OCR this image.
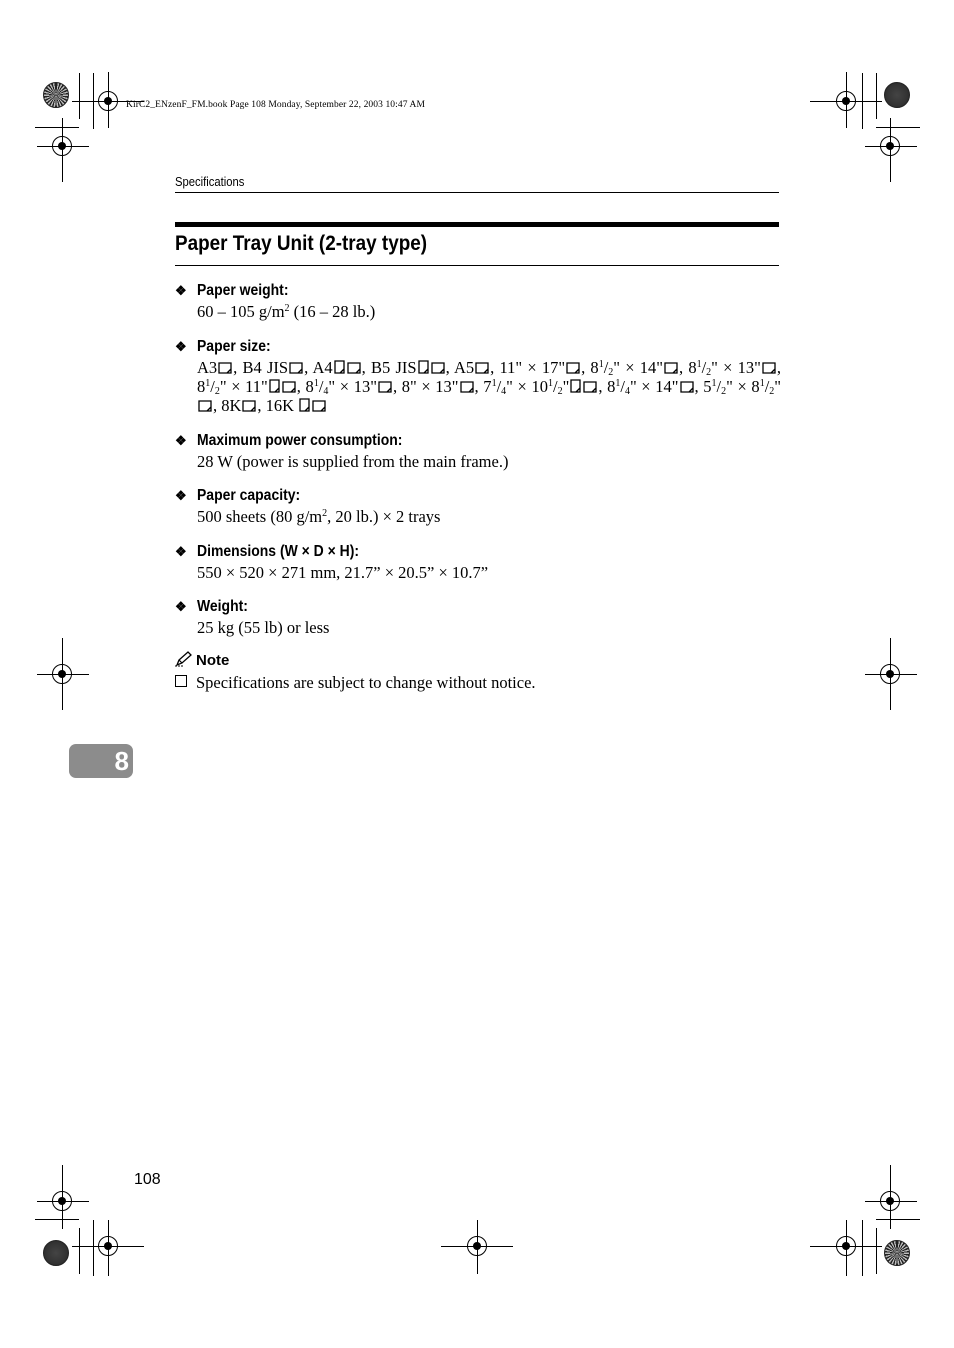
KirC2_ENzenF_FM.book Page 108 Monday, September 22, 2003 10:47 AM
Specifications
Paper Tray Unit (2-tray type)
❖ Paper weight:
60 – 105 $g/m^2$ (16 – 28 lb.)
❖ Paper size:
A3 , B4 JIS , A4 , B5 JIS , A5 , 11" × 17" , $8^1/_2$" × 14" , $8^1/_2$" × 13" , $8^1/_2$" × 11" , $8^1/_4$" × 13" , 8" × 13" , $7^1/_4$" × $10^1/_2$" , $8^1/_4$" × 14" , $5^1/_2$" × $8^1/_2$" , 8K , 16K
❖ Maximum power consumption:
28 W (power is supplied from the main frame.)
❖ Paper capacity:
500 sheets (80 $g/m^2$, 20 lb.) × 2 trays
❖ Dimensions (W × D × H):
550 × 520 × 271 mm, 21.7” × 20.5” × 10.7”
❖ Weight:
25 kg (55 lb) or less
Note
Specifications are subject to change without notice.
8
108
